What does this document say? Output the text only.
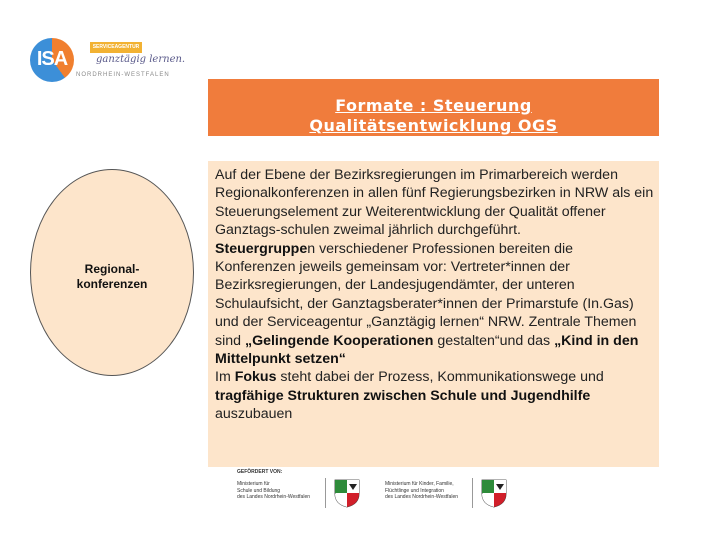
ISA
SERVICEAGENTUR
ganztägig lernen.
NORDRHEIN-WESTFALEN
Formate : Steuerung
Qualitätsentwicklung OGS
Regional-
konferenzen
Auf der Ebene der Bezirksregierungen im Primarbereich werden Regionalkonferenzen in allen fünf Regierungsbezirken in NRW als ein Steuerungselement zur Weiterentwicklung der Qualität offener Ganztags-schulen zweimal jährlich durchgeführt.
Steuergruppen verschiedener Professionen bereiten die Konferenzen jeweils gemeinsam vor: Vertreter*innen der Bezirksregierungen, der Landesjugendämter, der unteren Schulaufsicht, der Ganztagsberater*innen der Primarstufe (In.Gas) und der Serviceagentur „Ganztägig lernen“ NRW. Zentrale Themen sind „Gelingende Kooperationen gestalten“und das „Kind in den Mittelpunkt setzen“
Im Fokus steht dabei der Prozess, Kommunikationswege und tragfähige Strukturen zwischen Schule und Jugendhilfe auszubauen
GEFÖRDERT VON:
Ministerium für
Schule und Bildung
des Landes Nordrhein-Westfalen
Ministerium für Kinder, Familie,
Flüchtlinge und Integration
des Landes Nordrhein-Westfalen
